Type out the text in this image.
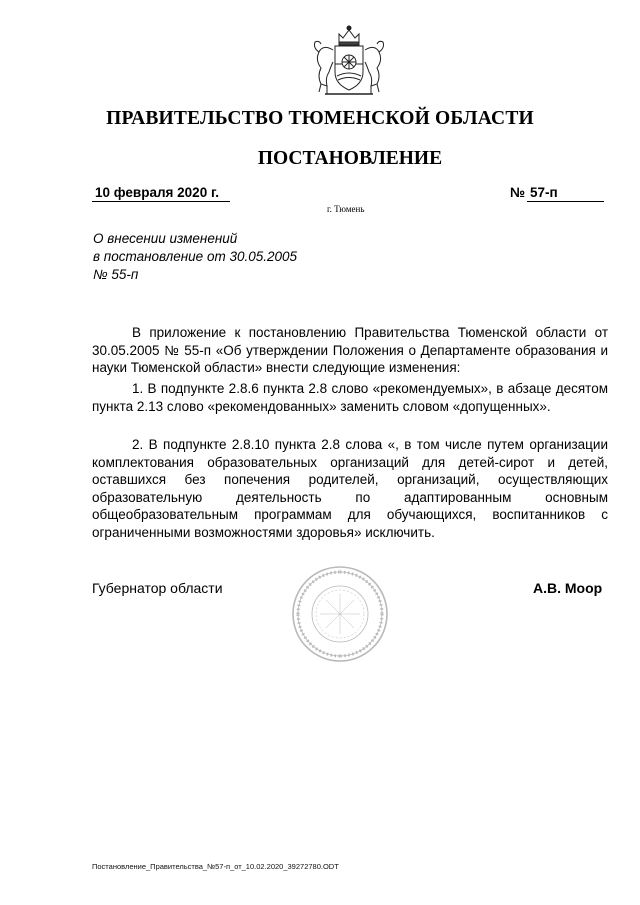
ПРАВИТЕЛЬСТВО ТЮМЕНСКОЙ ОБЛАСТИ
ПОСТАНОВЛЕНИЕ
10 февраля 2020 г.	№ 57-п
г. Тюмень
О внесении изменений
в постановление от 30.05.2005
№ 55-п
В приложение к постановлению Правительства Тюменской области от 30.05.2005 № 55-п «Об утверждении Положения о Департаменте образования и науки Тюменской области» внести следующие изменения:
1. В подпункте 2.8.6 пункта 2.8 слово «рекомендуемых», в абзаце десятом пункта 2.13 слово «рекомендованных» заменить словом «допущенных».
2. В подпункте 2.8.10 пункта 2.8 слова «, в том числе путем организации комплектования образовательных организаций для детей-сирот и детей, оставшихся без попечения родителей, организаций, осуществляющих образовательную деятельность по адаптированным основным общеобразовательным программам для обучающихся, воспитанников с ограниченными возможностями здоровья» исключить.
Губернатор области	А.В. Моор
Постановление_Правительства_№57-п_от_10.02.2020_39272780.ODT
